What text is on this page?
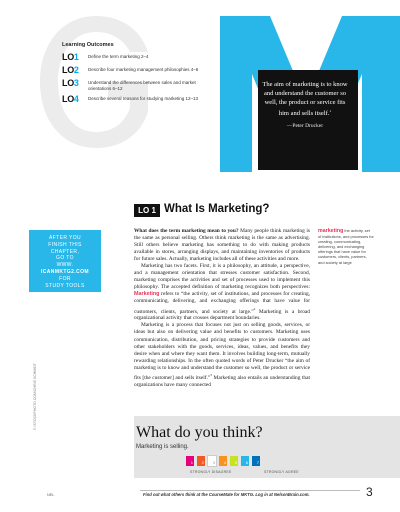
Learning Outcomes
LO1	Define the term marketing 2–4
LO2	Describe four marketing management philosophies 4–6
LO3	Understand the differences between sales and market orientations 6–12
LO4	Describe several reasons for studying marketing 12–13
The aim of marketing is to know and understand the customer so well, the product or service fits him and sells itself.$^1$
—Peter Drucker
LO 1 What Is Marketing?
AFTER YOU
FINISH THIS
CHAPTER,
GO TO
WWW.
ICANMKTG2.COM
FOR
STUDY TOOLS
© ISTOCKPHOTO.COM/CHRIS SCHMIDT

What does the term marketing mean to you? Many people think marketing is the same as personal selling. Others think marketing is the same as advertising. Still others believe marketing has something to do with making products available in stores, arranging displays, and maintaining inventories of products for future sales. Actually, marketing includes all of these activities and more.

Marketing has two facets. First, it is a philosophy, an attitude, a perspective, and a management orientation that stresses customer satisfaction. Second, marketing comprises the activities and set of processes used to implement this philosophy. The accepted definition of marketing recognizes both perspectives: Marketing refers to “the activity, set of institutions, and processes for creating, communicating, delivering, and exchanging offerings that have value for customers, clients, partners, and society at large.”$^2$ Marketing is a broad organizational activity that crosses department boundaries.

Marketing is a process that focuses not just on selling goods, services, or ideas but also on delivering value and benefits to customers. Marketing uses communication, distribution, and pricing strategies to provide customers and other stakeholders with the goods, services, ideas, values, and benefits they desire when and where they want them. It involves building long-term, mutually rewarding relationships. In the often quoted words of Peter Drucker “the aim of marketing is to know and understand the customer so well, the product or service fits [the customer] and sells itself.”$^3$ Marketing also entails an understanding that organizations have many connected

marketing the activity, set of institutions, and processes for creating, communicating, delivering, and exchanging offerings that have value for customers, clients, partners, and society at large
What do you think?
Marketing is selling.
1	2	3	4	5	6	7
STRONGLY DISAGREE	STRONGLY AGREE
NEL	Find out what others think at the CourseMate for MKTG. Log in at NelsonBrain.com.	3
